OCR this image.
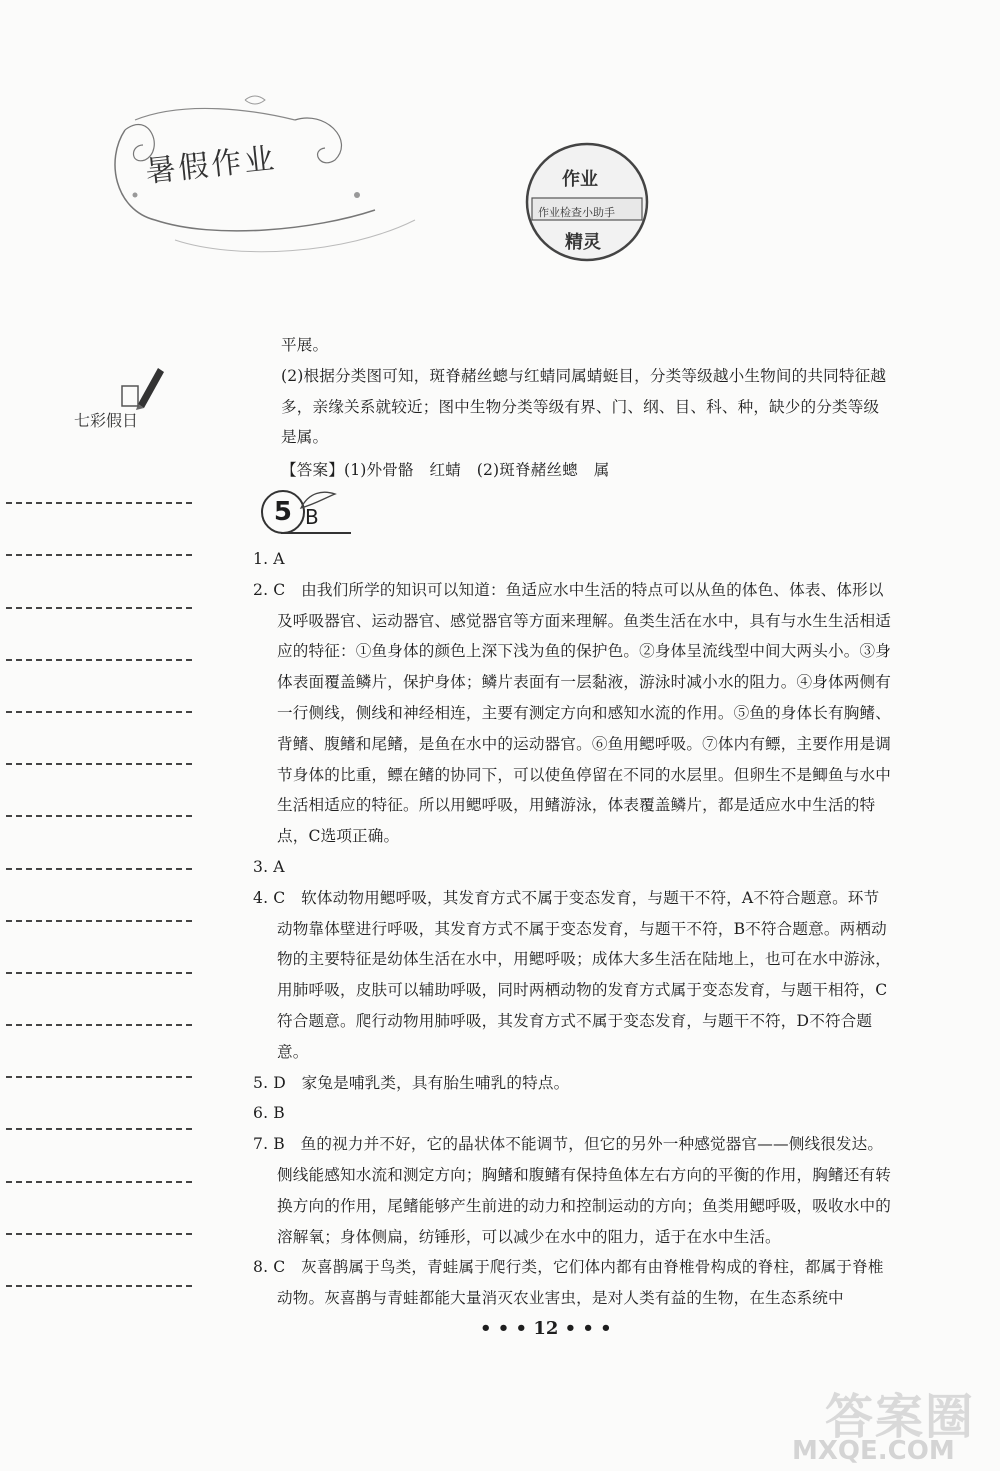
暑假作业	作业
作业检查小助手
精灵
七彩假日

平展。

(2)根据分类图可知，斑脊赭丝蟌与红蜻同属蜻蜓目，分类等级越小生物间的共同特征越多，亲缘关系就较近；图中生物分类等级有界、门、纲、目、科、种，缺少的分类等级是属。

【答案】(1)外骨骼　红蜻　(2)斑脊赭丝蟌　属

5 B

1. A

2. C　由我们所学的知识可以知道：鱼适应水中生活的特点可以从鱼的体色、体表、体形以及呼吸器官、运动器官、感觉器官等方面来理解。鱼类生活在水中，具有与水生生活相适应的特征：①鱼身体的颜色上深下浅为鱼的保护色。②身体呈流线型中间大两头小。③身体表面覆盖鳞片，保护身体；鳞片表面有一层黏液，游泳时减小水的阻力。④身体两侧有一行侧线，侧线和神经相连，主要有测定方向和感知水流的作用。⑤鱼的身体长有胸鳍、背鳍、腹鳍和尾鳍，是鱼在水中的运动器官。⑥鱼用鳃呼吸。⑦体内有鳔，主要作用是调节身体的比重，鳔在鳍的协同下，可以使鱼停留在不同的水层里。但卵生不是鲫鱼与水中生活相适应的特征。所以用鳃呼吸，用鳍游泳，体表覆盖鳞片，都是适应水中生活的特点，C选项正确。

3. A

4. C　软体动物用鳃呼吸，其发育方式不属于变态发育，与题干不符，A不符合题意。环节动物靠体壁进行呼吸，其发育方式不属于变态发育，与题干不符，B不符合题意。两栖动物的主要特征是幼体生活在水中，用鳃呼吸；成体大多生活在陆地上，也可在水中游泳，用肺呼吸，皮肤可以辅助呼吸，同时两栖动物的发育方式属于变态发育，与题干相符，C符合题意。爬行动物用肺呼吸，其发育方式不属于变态发育，与题干不符，D不符合题意。

5. D　家兔是哺乳类，具有胎生哺乳的特点。

6. B

7. B　鱼的视力并不好，它的晶状体不能调节，但它的另外一种感觉器官——侧线很发达。侧线能感知水流和测定方向；胸鳍和腹鳍有保持鱼体左右方向的平衡的作用，胸鳍还有转换方向的作用，尾鳍能够产生前进的动力和控制运动的方向；鱼类用鳃呼吸，吸收水中的溶解氧；身体侧扁，纺锤形，可以减少在水中的阻力，适于在水中生活。

8. C　灰喜鹊属于鸟类，青蛙属于爬行类，它们体内都有由脊椎骨构成的脊柱，都属于脊椎动物。灰喜鹊与青蛙都能大量消灭农业害虫，是对人类有益的生物，在生态系统中

• • • 12 • • •
答案圈
MXQE.COM
